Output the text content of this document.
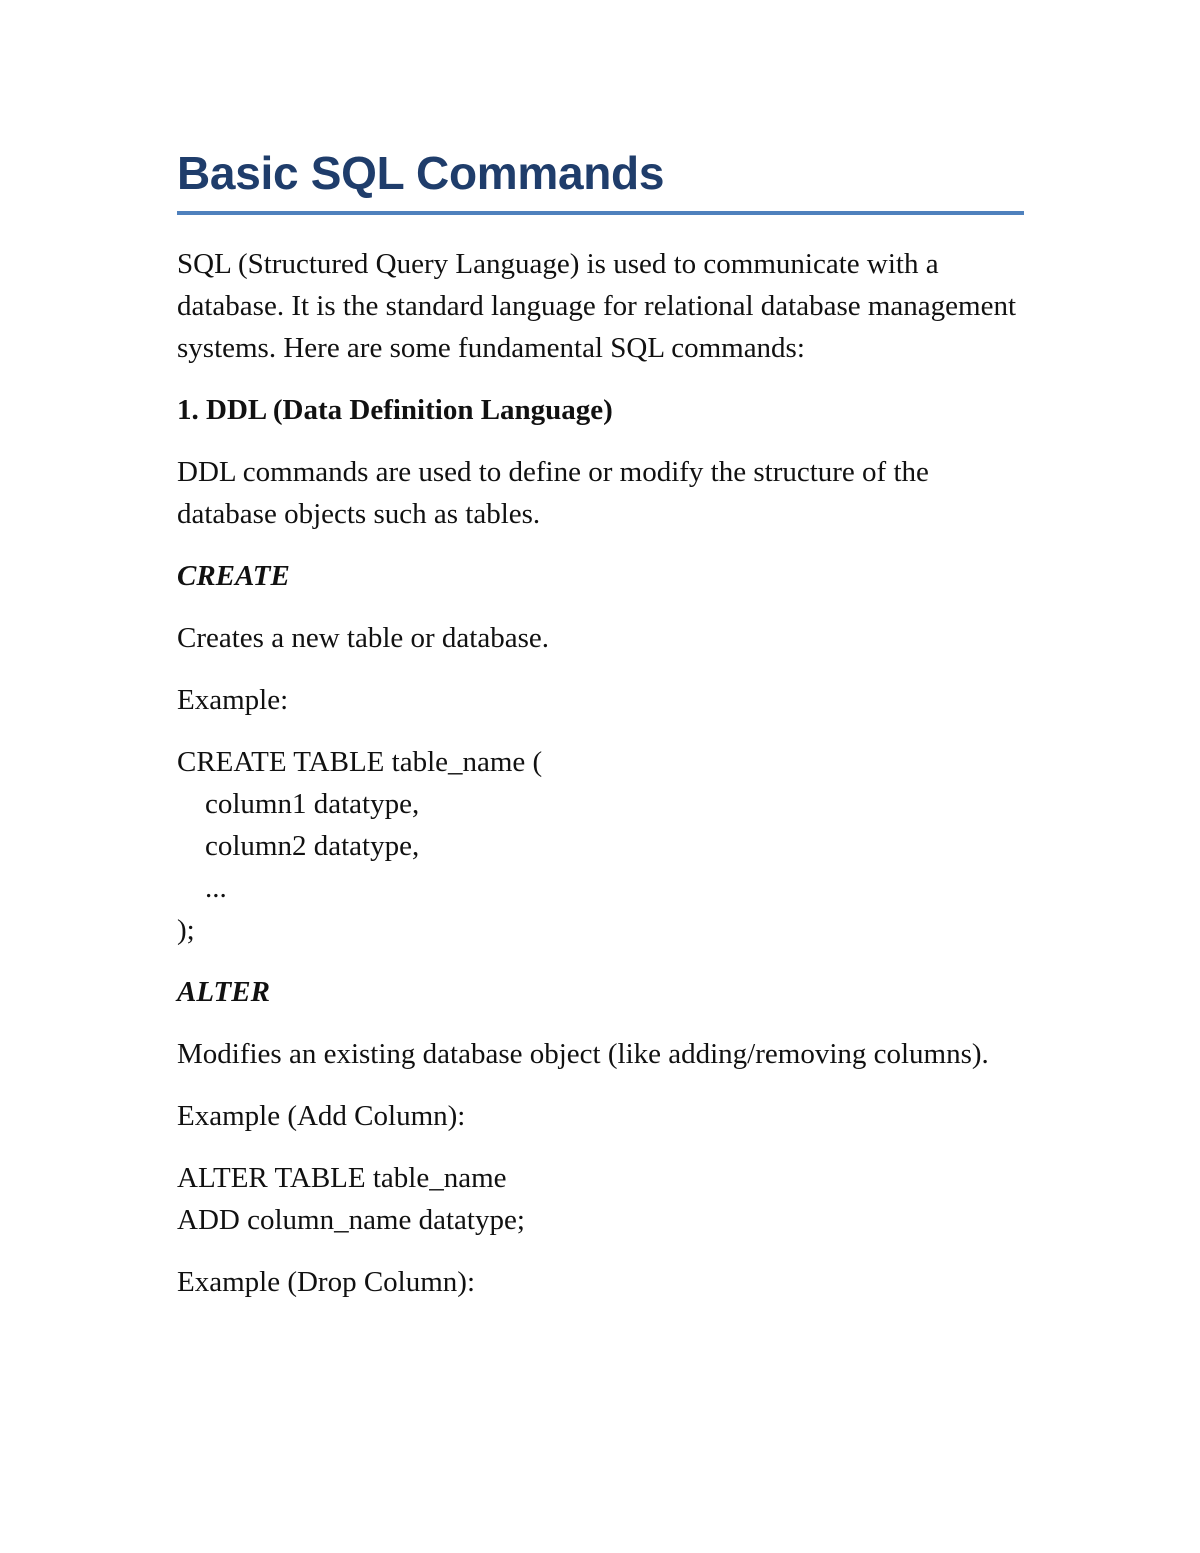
Basic SQL Commands

SQL (Structured Query Language) is used to communicate with a database. It is the standard language for relational database management systems. Here are some fundamental SQL commands:

1. DDL (Data Definition Language)

DDL commands are used to define or modify the structure of the database objects such as tables.

CREATE

Creates a new table or database.

Example:

CREATE TABLE table_name (
column1 datatype,
column2 datatype,
...
);
ALTER

Modifies an existing database object (like adding/removing columns).

Example (Add Column):

ALTER TABLE table_name
ADD column_name datatype;

Example (Drop Column):
